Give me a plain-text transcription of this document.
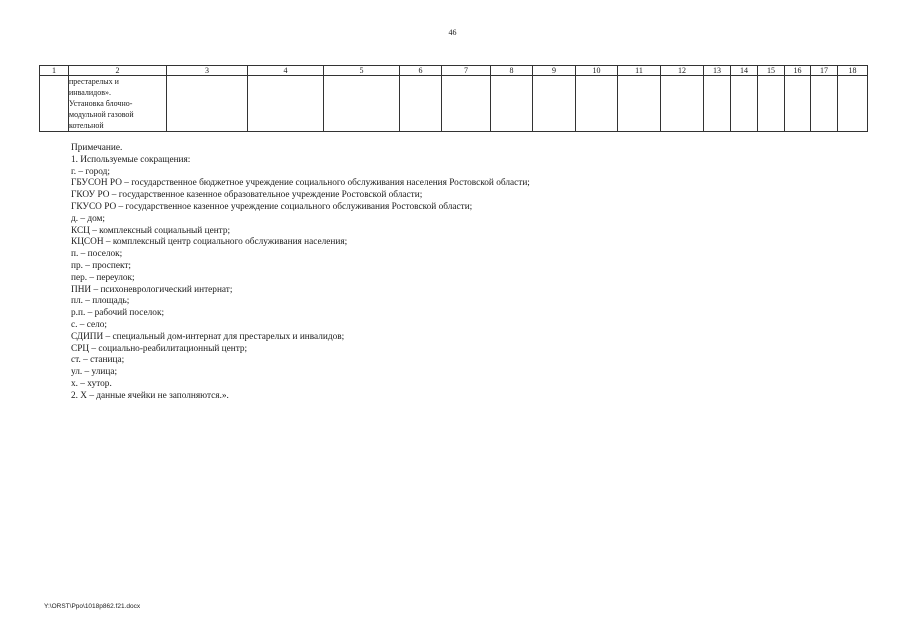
46
1	2	3	4	5	6	7	8	9	10	11	12	13	14	15	16	17	18

	престарелых и
инвалидов».
Установка блочно-
модульной газовой
котельной																

Примечание.
1. Используемые сокращения:
г. – город;
ГБУСОН РО – государственное бюджетное учреждение социального обслуживания населения Ростовской области;
ГКОУ РО – государственное казенное образовательное учреждение Ростовской области;
ГКУСО РО – государственное казенное учреждение социального обслуживания Ростовской области;
д. – дом;
КСЦ – комплексный социальный центр;
КЦСОН – комплексный центр социального обслуживания населения;
п. – поселок;
пр. – проспект;
пер. – переулок;
ПНИ – психоневрологический интернат;
пл. – площадь;
р.п. – рабочий поселок;
с. – село;
СДИПИ – специальный дом-интернат для престарелых и инвалидов;
СРЦ – социально-реабилитационный центр;
ст. – станица;
ул. – улица;
х. – хутор.
2. Х – данные ячейки не заполняются.».
Y:\ORST\Ppo\1018p862.f21.docx
